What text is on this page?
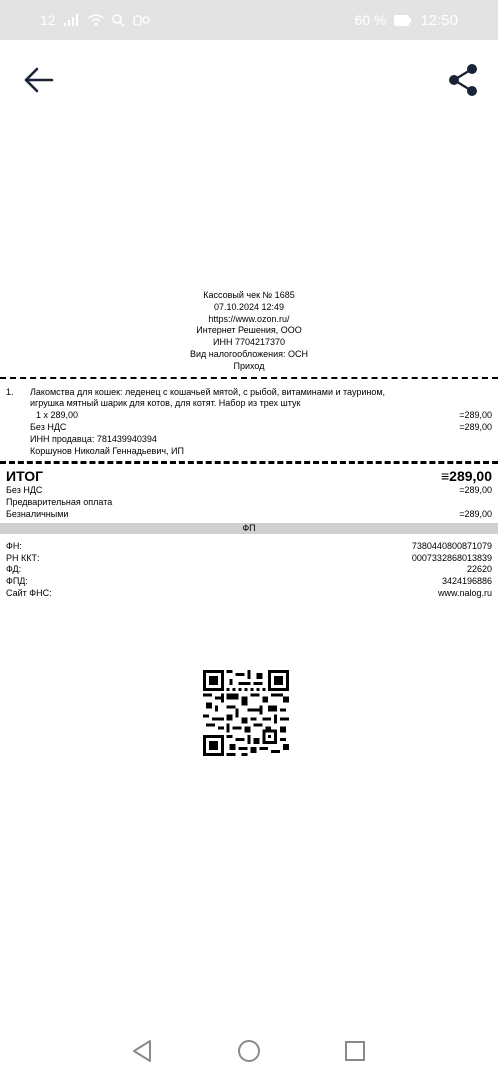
12	60 % 12:50
Кассовый чек № 1685
07.10.2024 12:49
https://www.ozon.ru/
Интернет Решения, ООО
ИНН 7704217370
Вид налогообложения: ОСН
Приход
1.	Лакомства для кошек: леденец с кошачьей мятой, с рыбой, витаминами и таурином, игрушка мятный шарик для котов, для котят. Набор из трех штук
1 x 289,00	=289,00
Без НДС	=289,00
ИНН продавца: 781439940394
Коршунов Николай Геннадьевич, ИП
ИТОГ	≡289,00
Без НДС	=289,00
Предварительная оплата
Безналичными	=289,00
ФП
ФН:	7380440800871079
РН ККТ:	0007332868013839
ФД:	22620
ФПД:	3424196886
Сайт ФНС:	www.nalog.ru
